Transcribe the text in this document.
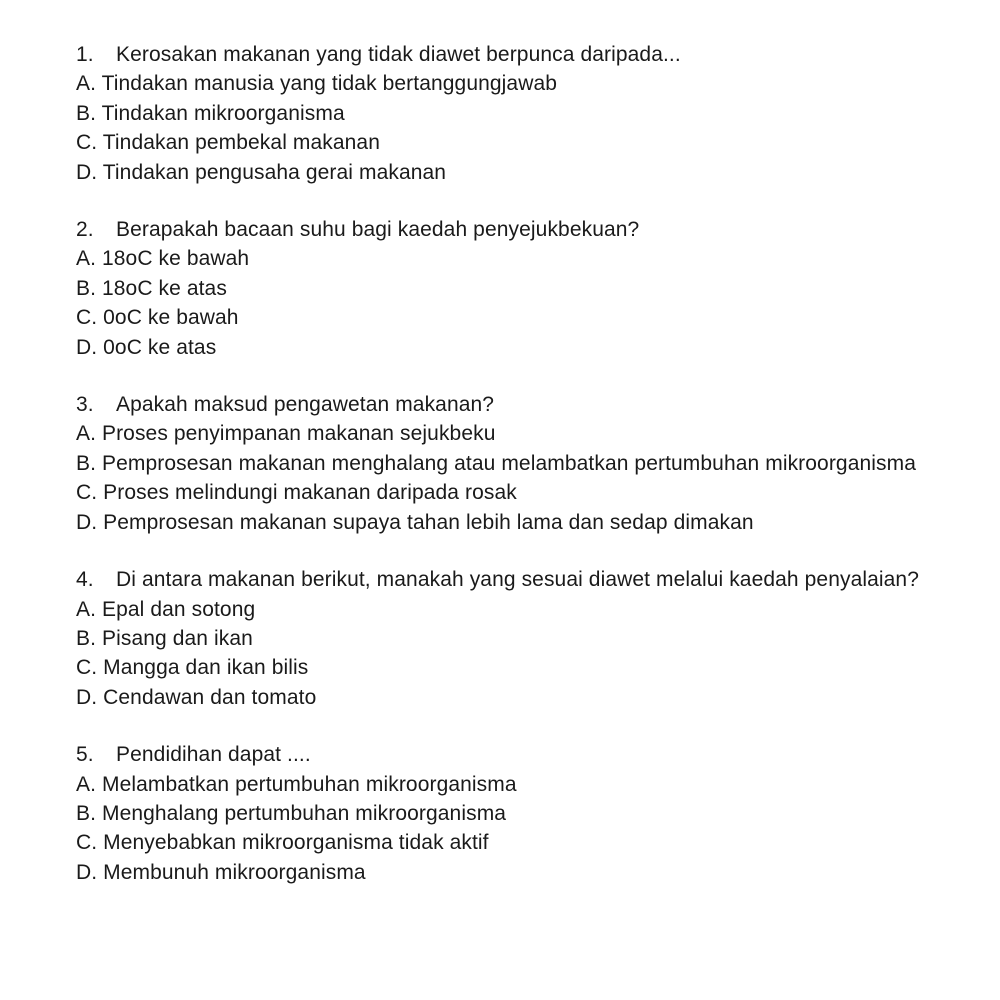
1. Kerosakan makanan yang tidak diawet berpunca daripada...
A. Tindakan manusia yang tidak bertanggungjawab
B. Tindakan mikroorganisma
C. Tindakan pembekal makanan
D. Tindakan pengusaha gerai makanan
2. Berapakah bacaan suhu bagi kaedah penyejukbekuan?
A. 18oC ke bawah
B. 18oC ke atas
C. 0oC ke bawah
D. 0oC ke atas
3. Apakah maksud pengawetan makanan?
A. Proses penyimpanan makanan sejukbeku
B. Pemprosesan makanan menghalang atau melambatkan pertumbuhan mikroorganisma
C. Proses melindungi makanan daripada rosak
D. Pemprosesan makanan supaya tahan lebih lama dan sedap dimakan
4. Di antara makanan berikut, manakah yang sesuai diawet melalui kaedah penyalaian?
A. Epal dan sotong
B. Pisang dan ikan
C. Mangga dan ikan bilis
D. Cendawan dan tomato
5. Pendidihan dapat ....
A. Melambatkan pertumbuhan mikroorganisma
B. Menghalang pertumbuhan mikroorganisma
C. Menyebabkan mikroorganisma tidak aktif
D. Membunuh mikroorganisma
